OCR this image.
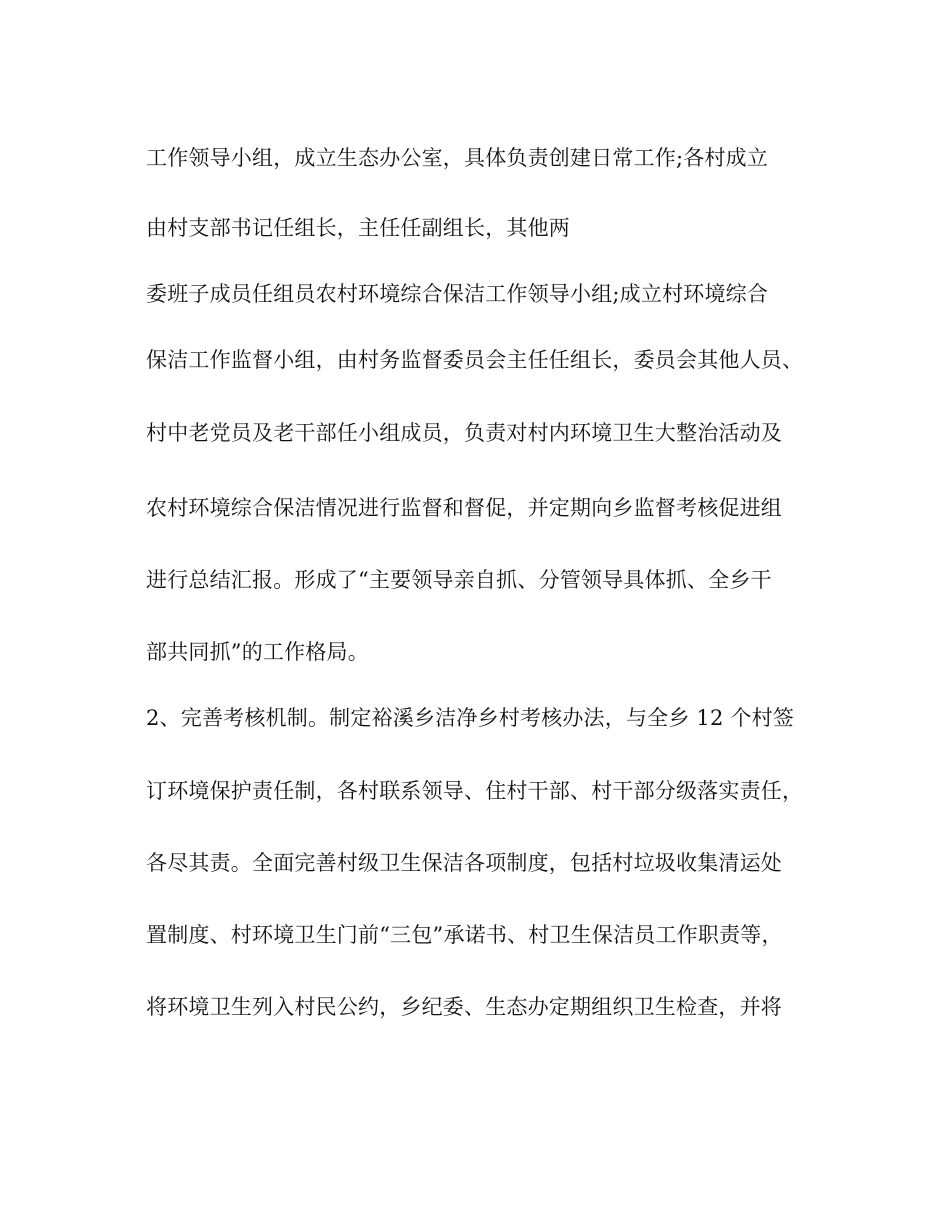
工作领导小组，成立生态办公室，具体负责创建日常工作;各村成立
由村支部书记任组长，主任任副组长，其他两
委班子成员任组员农村环境综合保洁工作领导小组;成立村环境综合
保洁工作监督小组，由村务监督委员会主任任组长，委员会其他人员、
村中老党员及老干部任小组成员，负责对村内环境卫生大整治活动及
农村环境综合保洁情况进行监督和督促，并定期向乡监督考核促进组
进行总结汇报。形成了“主要领导亲自抓、分管领导具体抓、全乡干
部共同抓”的工作格局。
2、完善考核机制。制定裕溪乡洁净乡村考核办法，与全乡 12 个村签
订环境保护责任制，各村联系领导、住村干部、村干部分级落实责任，
各尽其责。全面完善村级卫生保洁各项制度，包括村垃圾收集清运处
置制度、村环境卫生门前“三包”承诺书、村卫生保洁员工作职责等，
将环境卫生列入村民公约，乡纪委、生态办定期组织卫生检查，并将
